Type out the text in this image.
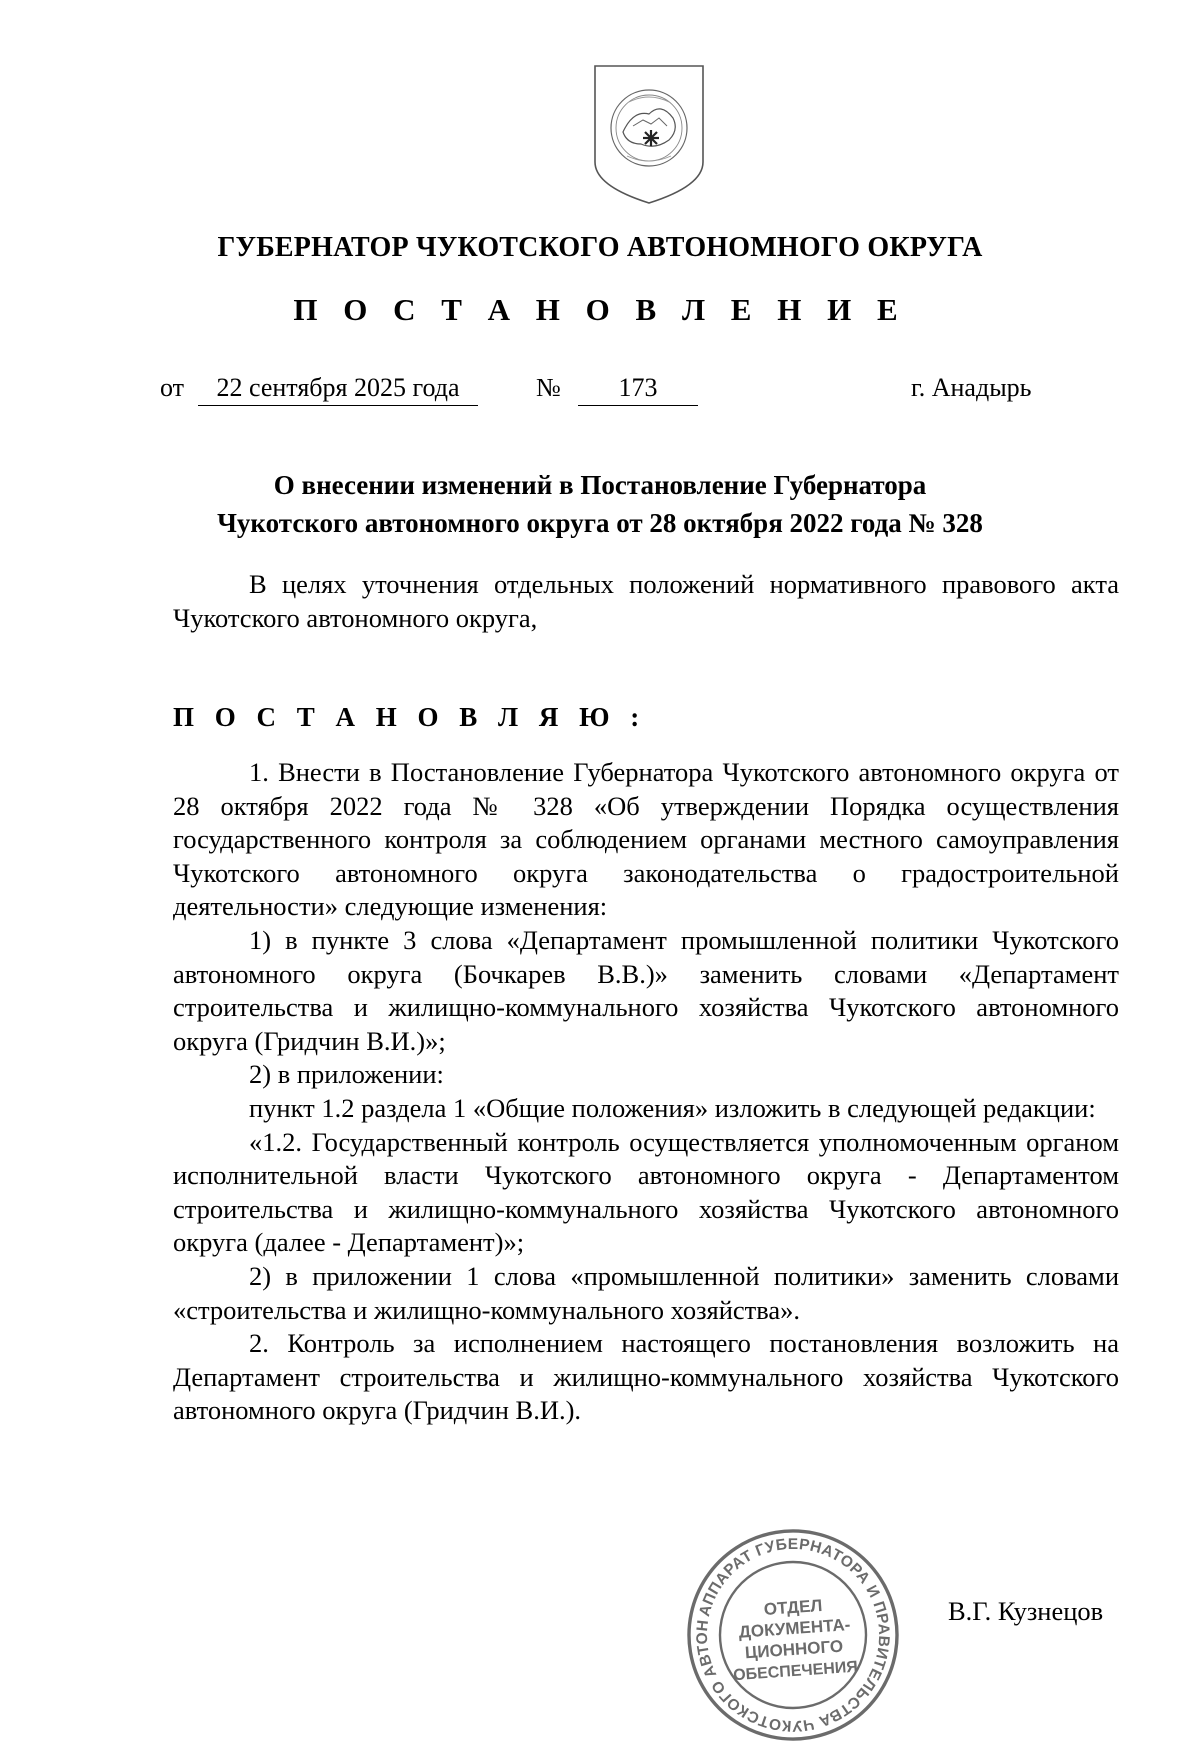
ГУБЕРНАТОР ЧУКОТСКОГО АВТОНОМНОГО ОКРУГА
П О С Т А Н О В Л Е Н И Е
от	22 сентября 2025 года	№	173	г. Анадырь
О внесении изменений в Постановление Губернатора
Чукотского автономного округа от 28 октября 2022 года № 328

В целях уточнения отдельных положений нормативного правового акта Чукотского автономного округа,

П О С Т А Н О В Л Я Ю :

1. Внести в Постановление Губернатора Чукотского автономного округа от 28 октября 2022 года № 328 «Об утверждении Порядка осуществления государственного контроля за соблюдением органами местного самоуправления Чукотского автономного округа законодательства о градостроительной деятельности» следующие изменения:

1) в пункте 3 слова «Департамент промышленной политики Чукотского автономного округа (Бочкарев В.В.)» заменить словами «Департамент строительства и жилищно-коммунального хозяйства Чукотского автономного округа (Гридчин В.И.)»;

2) в приложении:

пункт 1.2 раздела 1 «Общие положения» изложить в следующей редакции:

«1.2. Государственный контроль осуществляется уполномоченным органом исполнительной власти Чукотского автономного округа - Департаментом строительства и жилищно-коммунального хозяйства Чукотского автономного округа (далее - Департамент)»;

2) в приложении 1 слова «промышленной политики» заменить словами «строительства и жилищно-коммунального хозяйства».

2. Контроль за исполнением настоящего постановления возложить на Департамент строительства и жилищно-коммунального хозяйства Чукотского автономного округа (Гридчин В.И.).

АППАРАТ ГУБЕРНАТОРА И ПРАВИТЕЛЬСТВА ЧУКОТСКОГО АВТОНОМНОГО
ОТДЕЛ
ДОКУМЕНТА-
ЦИОННОГО
ОБЕСПЕЧЕНИЯ
В.Г. Кузнецов
